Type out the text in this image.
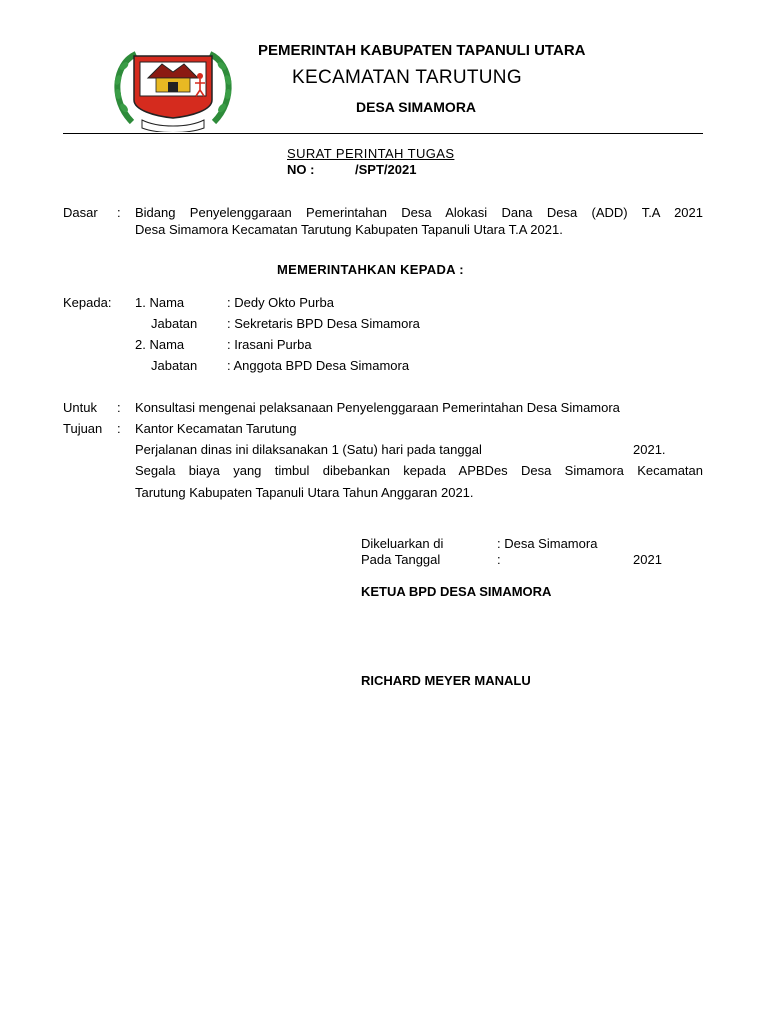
PEMERINTAH KABUPATEN TAPANULI UTARA
KECAMATAN TARUTUNG
DESA SIMAMORA
SURAT PERINTAH TUGAS
NO :	/SPT/2021
Dasar : Bidang Penyelenggaraan Pemerintahan Desa Alokasi Dana Desa (ADD) T.A 2021
Desa Simamora Kecamatan Tarutung Kabupaten Tapanuli Utara T.A 2021.
MEMERINTAHKAN KEPADA :
Kepada: 1. Nama	: Dedy Okto Purba
Jabatan : Sekretaris BPD Desa Simamora
2. Nama	: Irasani Purba
Jabatan : Anggota BPD Desa Simamora
Untuk : Konsultasi mengenai pelaksanaan Penyelenggaraan Pemerintahan Desa Simamora
Tujuan : Kantor Kecamatan Tarutung
Perjalanan dinas ini dilaksanakan 1 (Satu) hari pada tanggal	2021.
Segala biaya yang timbul dibebankan kepada APBDes Desa Simamora Kecamatan
Tarutung Kabupaten Tapanuli Utara Tahun Anggaran 2021.
Dikeluarkan di	: Desa Simamora
Pada Tanggal	:	2021
KETUA BPD DESA SIMAMORA
RICHARD MEYER MANALU
